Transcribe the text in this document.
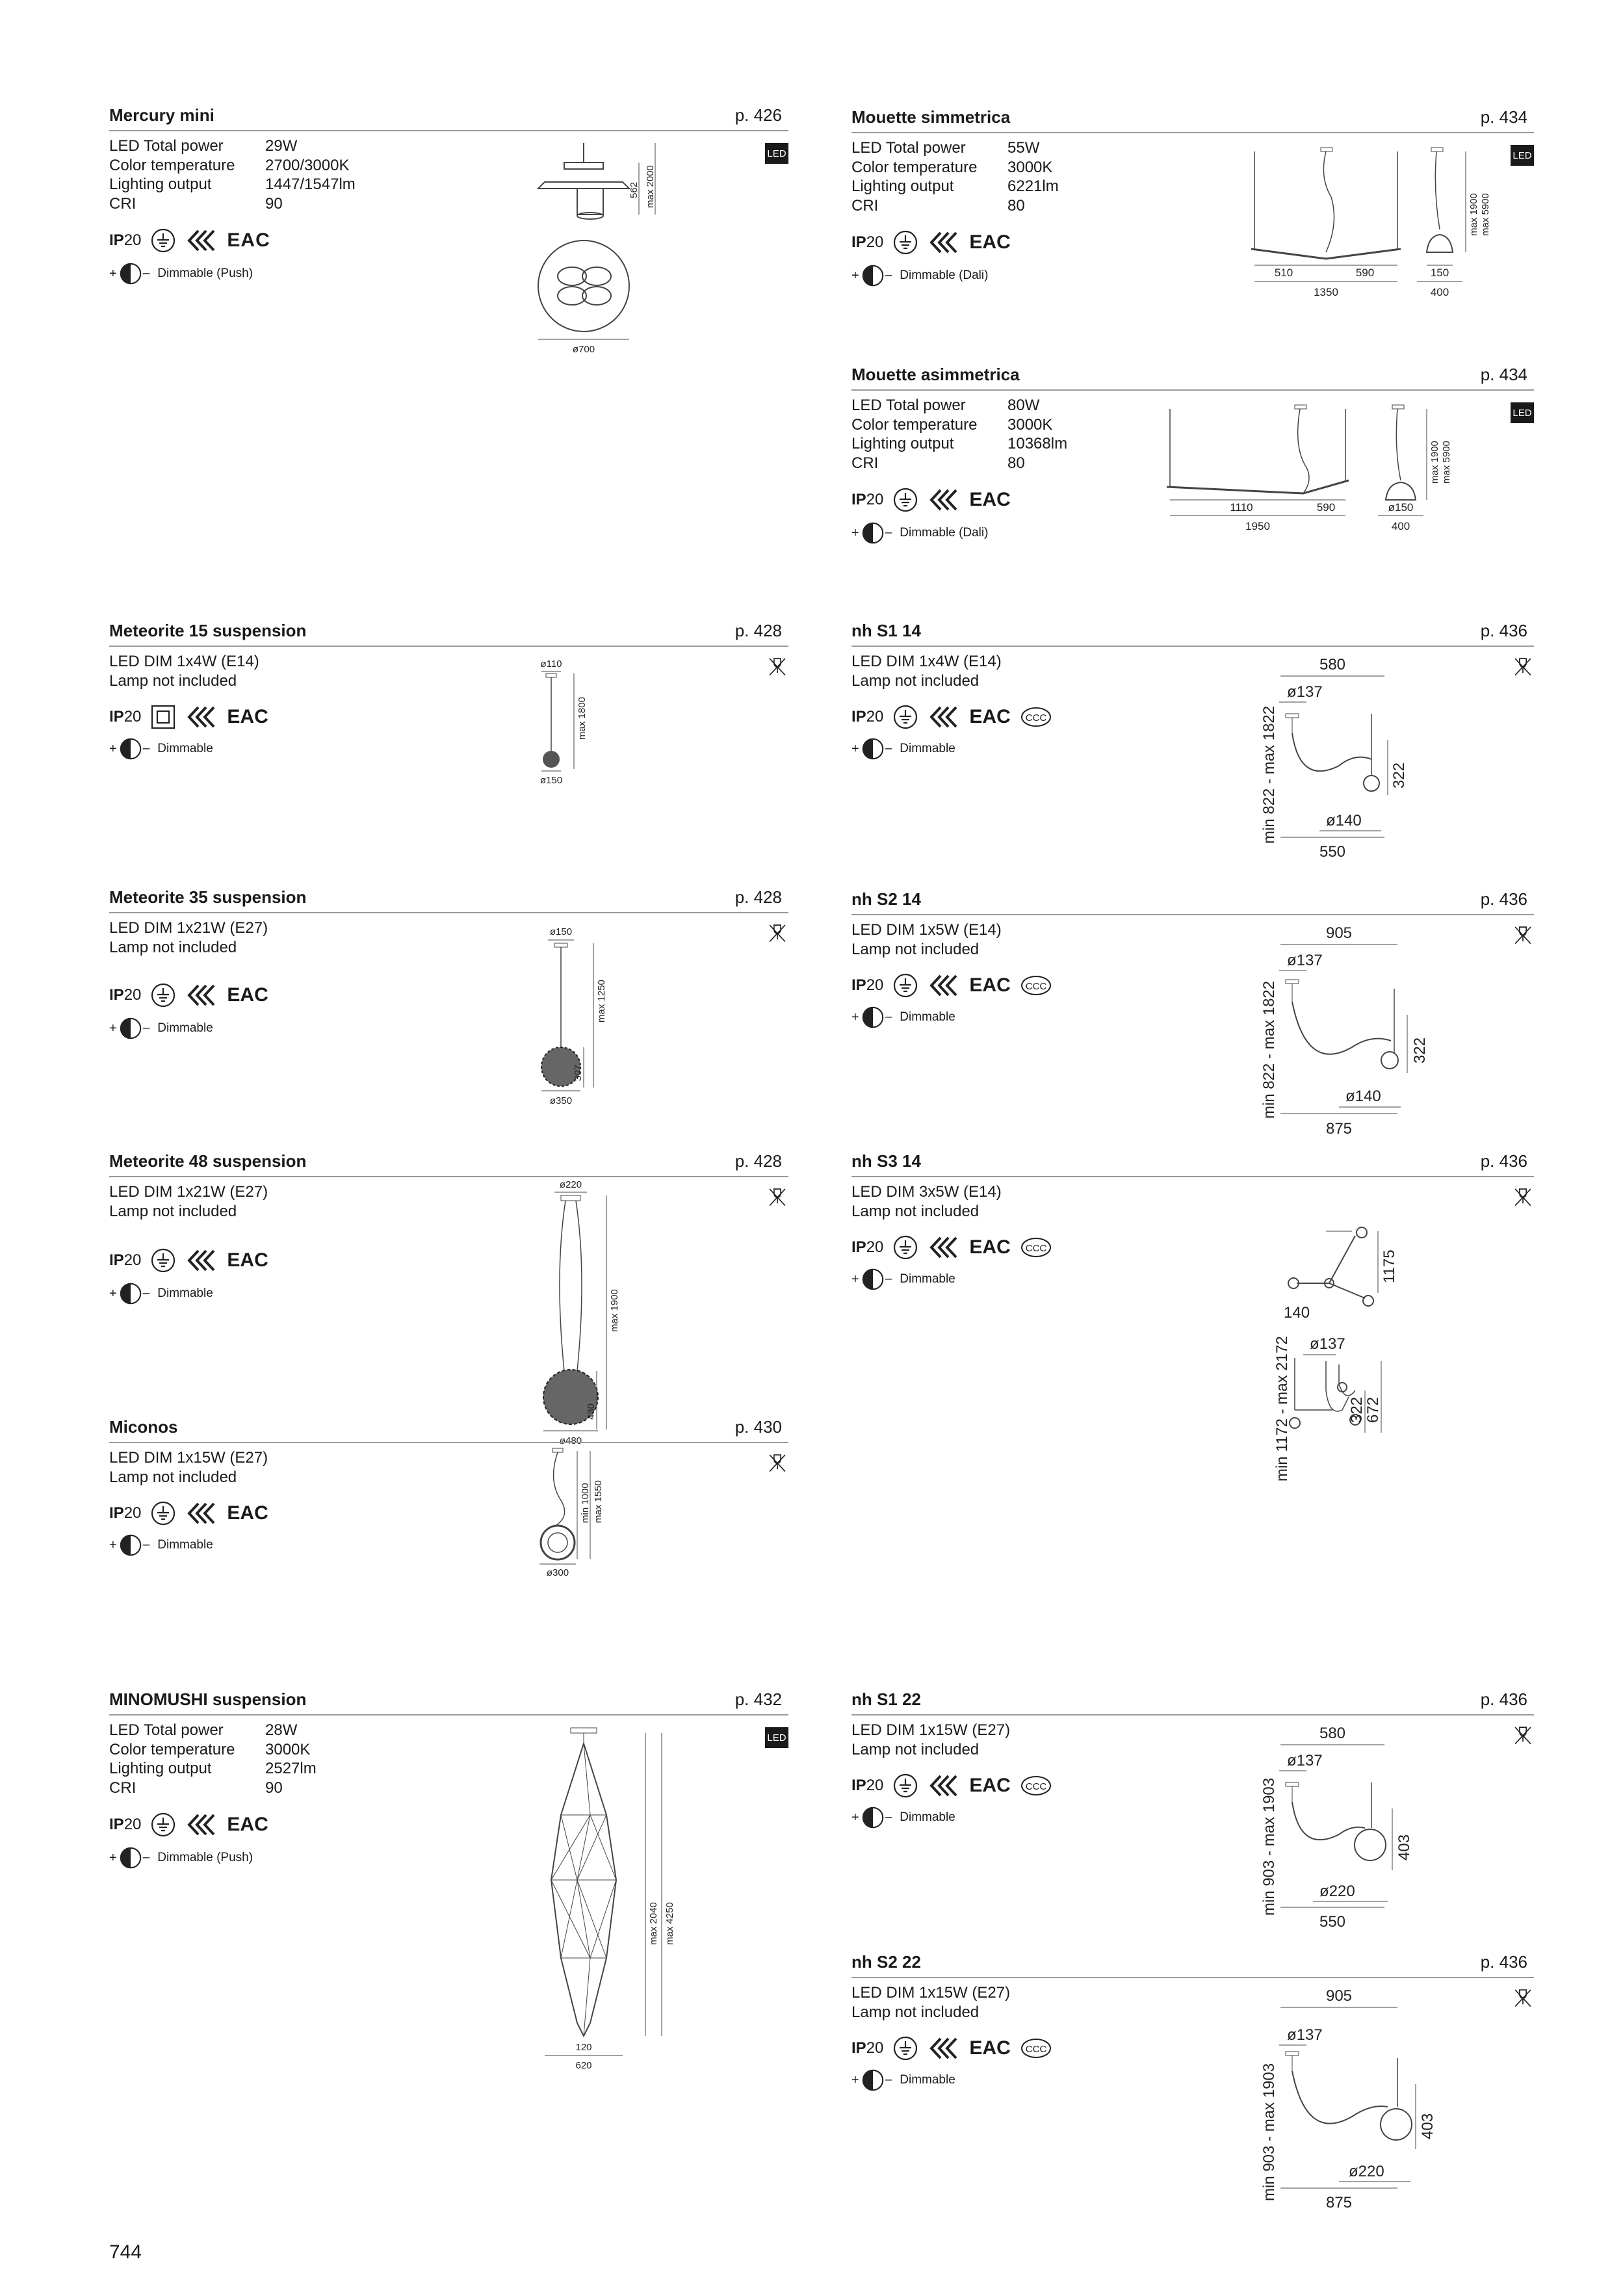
Mercury mini	p. 426
LED Total power	29W
Color temperature	2700/3000K
Lighting output	1447/1547lm
CRI	90
IP20	EAC
+ – Dimmable (Push)
LED
562 max 2000
ø700
Mouette simmetrica	p. 434
LED Total power	55W
Color temperature	3000K
Lighting output	6221lm
CRI	80
IP20	EAC
+ – Dimmable (Dali)
LED
510	590
1350
max 1900 max 5900
150
400
Mouette asimmetrica	p. 434
LED Total power	80W
Color temperature	3000K
Lighting output	10368lm
CRI	80
IP20	EAC
+ – Dimmable (Dali)
LED
1110	590
1950
max 1900 max 5900
ø150
400
Meteorite 15 suspension	p. 428
LED DIM 1x4W (E14)
Lamp not included
IP20	EAC
+ – Dimmable
ø110
max 1800
ø150
nh S1 14	p. 436
LED DIM 1x4W (E14)
Lamp not included
IP20	EAC
+ – Dimmable
580
ø137
min 822 - max 1822	322
ø140
550
Meteorite 35 suspension	p. 428
LED DIM 1x21W (E27)
Lamp not included
IP20	EAC
+ – Dimmable
ø150
max 1250
307
ø350
nh S2 14	p. 436
LED DIM 1x5W (E14)
Lamp not included
IP20	EAC
+ – Dimmable
905
ø137
min 822 - max 1822	322
ø140
875
Meteorite 48 suspension	p. 428
LED DIM 1x21W (E27)
Lamp not included
IP20	EAC
+ – Dimmable
ø220
max 1900
430
ø480
nh S3 14	p. 436
LED DIM 3x5W (E14)
Lamp not included
IP20	EAC
+ – Dimmable	1175
140
ø137
min 1172 - max 2172	322
672
Miconos	p. 430
LED DIM 1x15W (E27)
Lamp not included
IP20	EAC
+ – Dimmable
min 1000 max 1550
ø300
MINOMUSHI suspension	p. 432
LED Total power	28W
Color temperature	3000K
Lighting output	2527lm
CRI	90
IP20	EAC
+ – Dimmable (Push)
LED
max 2040 max 4250
120
620
nh S1 22	p. 436
LED DIM 1x15W (E27)
Lamp not included
IP20	EAC
+ – Dimmable
580
ø137
min 903 - max 1903	403
ø220
550
nh S2 22	p. 436
LED DIM 1x15W (E27)
Lamp not included
IP20	EAC
+ – Dimmable
905
ø137
min 903 - max 1903	403
ø220
875
744
